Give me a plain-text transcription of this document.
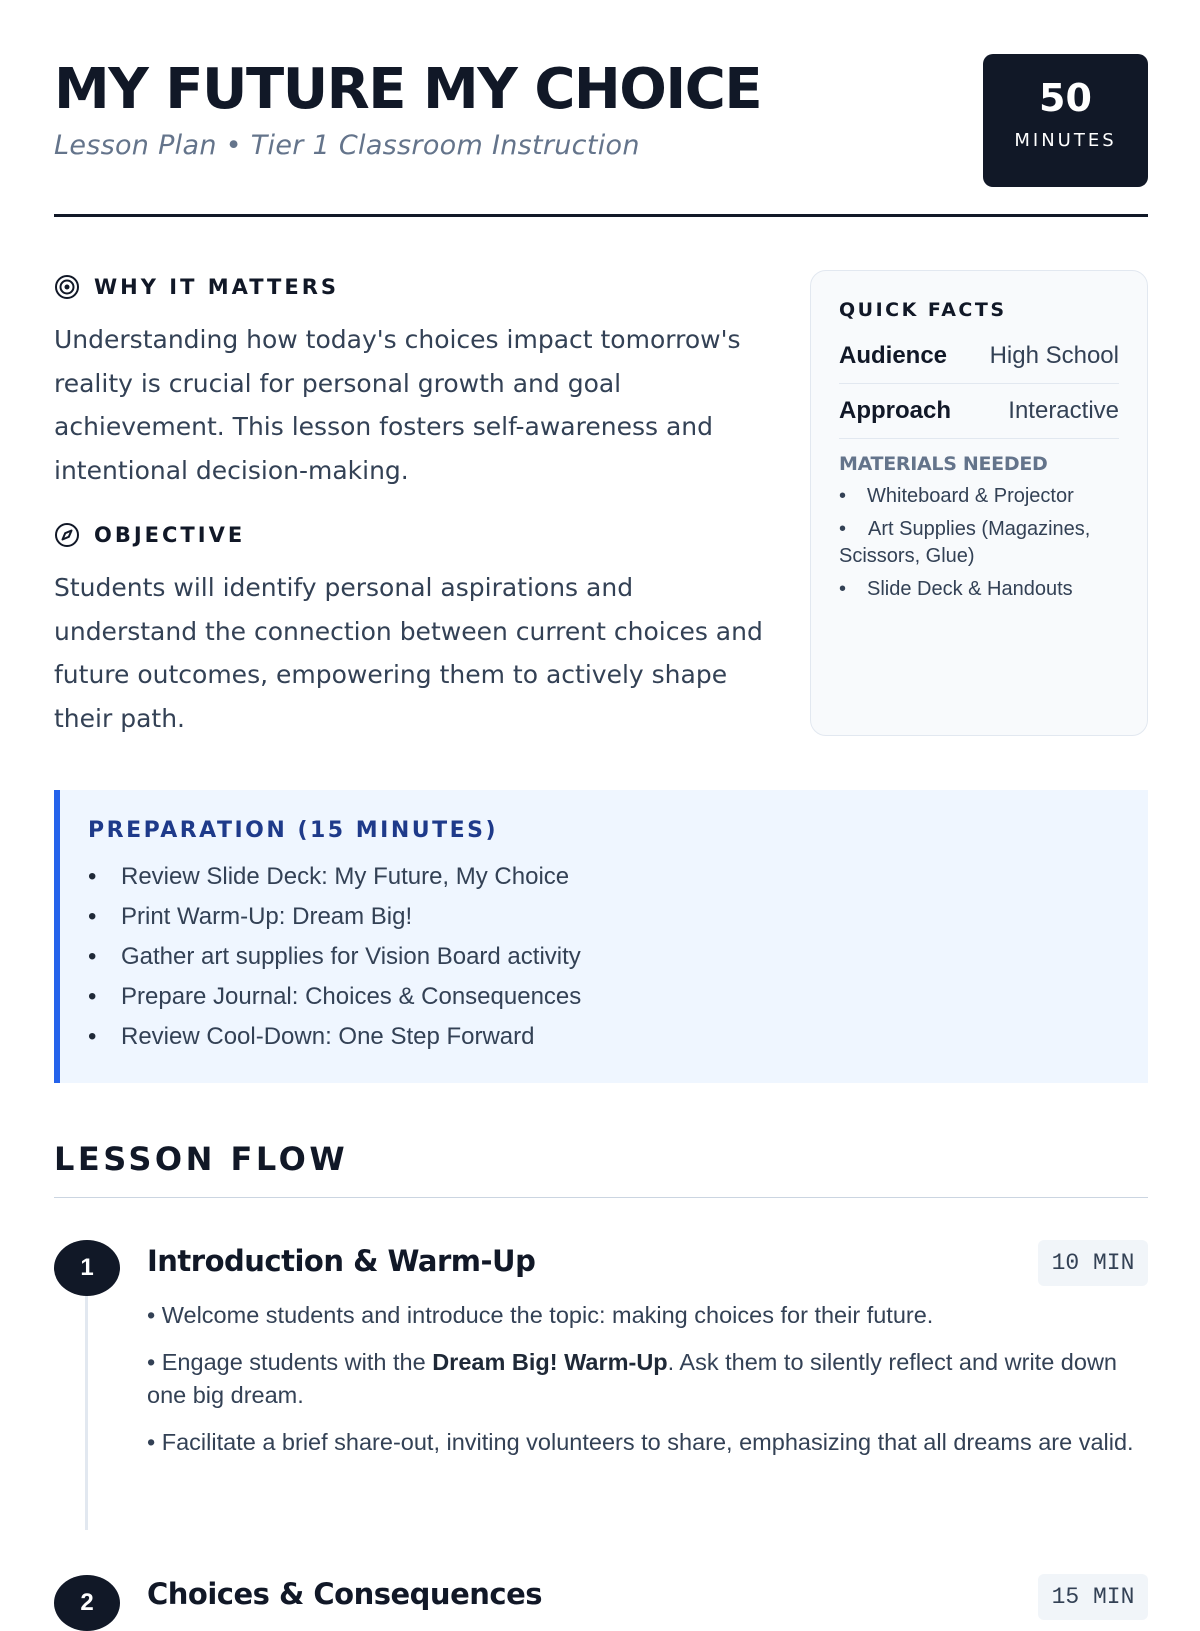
MY FUTURE MY CHOICE
Lesson Plan • Tier 1 Classroom Instruction
50
MINUTES
WHY IT MATTERS
Understanding how today's choices impact tomorrow's reality is crucial for personal growth and goal achievement. This lesson fosters self-awareness and intentional decision-making.
OBJECTIVE
Students will identify personal aspirations and understand the connection between current choices and future outcomes, empowering them to actively shape their path.
QUICK FACTS
Audience High School
Approach Interactive
MATERIALS NEEDED
• Whiteboard & Projector
• Art Supplies (Magazines, Scissors, Glue)
• Slide Deck & Handouts
PREPARATION (15 MINUTES)
• Review Slide Deck: My Future, My Choice
• Print Warm-Up: Dream Big!
• Gather art supplies for Vision Board activity
• Prepare Journal: Choices & Consequences
• Review Cool-Down: One Step Forward
LESSON FLOW
1	Introduction & Warm-Up	10 MIN

• Welcome students and introduce the topic: making choices for their future.

• Engage students with the Dream Big! Warm-Up. Ask them to silently reflect and write down one big dream.

• Facilitate a brief share-out, inviting volunteers to share, emphasizing that all dreams are valid.

2	Choices & Consequences	15 MIN
